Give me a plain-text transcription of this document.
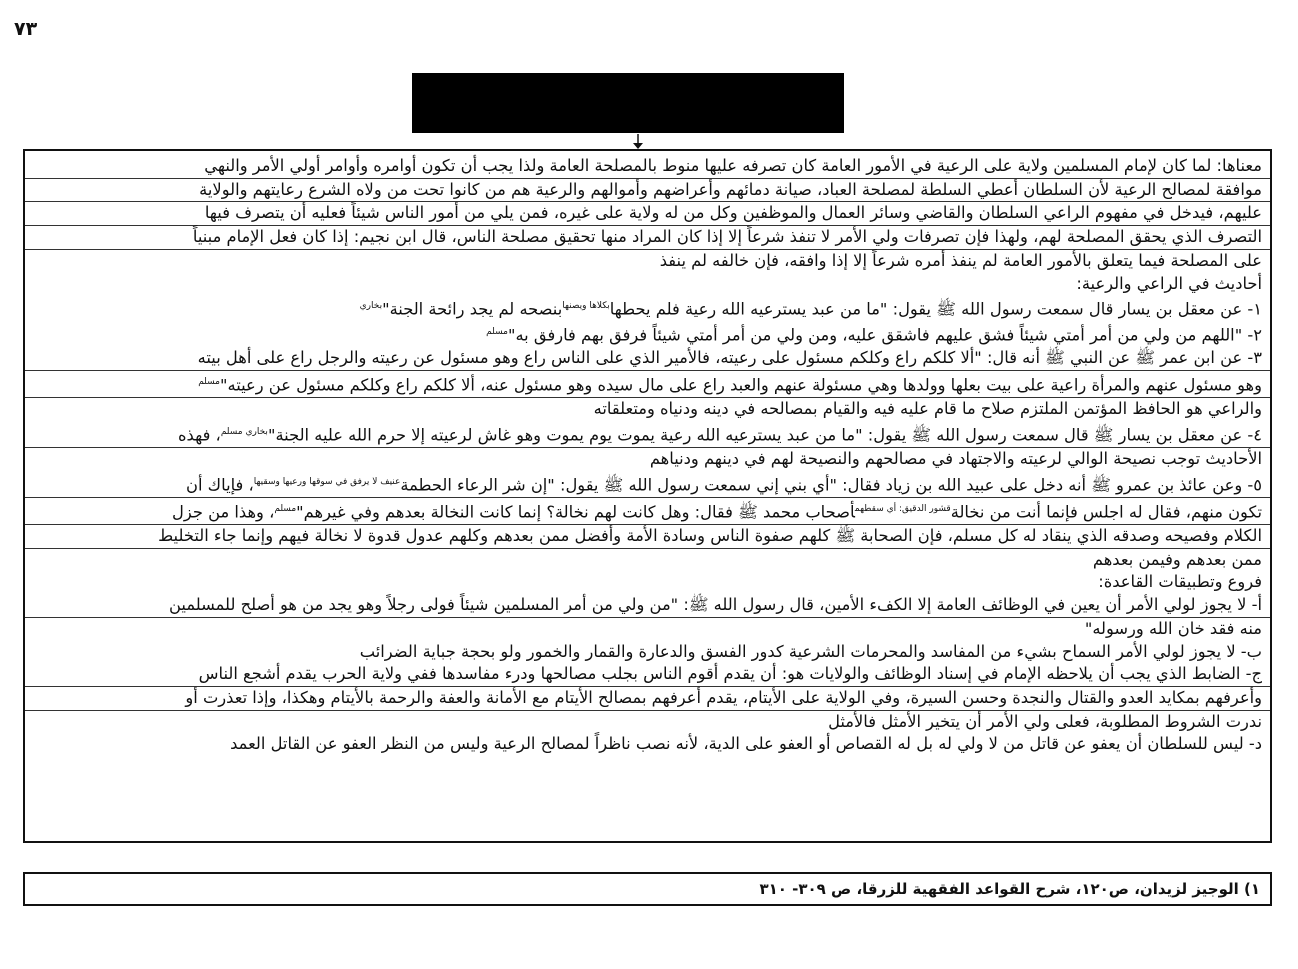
٧٣
معناها: لما كان لإمام المسلمين ولاية على الرعية في الأمور العامة كان تصرفه عليها منوط بالمصلحة العامة ولذا يجب أن تكون أوامره وأوامر أولي الأمر والنهي
موافقة لمصالح الرعية لأن السلطان أعطي السلطة لمصلحة العباد، صيانة دمائهم وأعراضهم وأموالهم والرعية هم من كانوا تحت من ولاه الشرع رعايتهم والولاية
عليهم، فيدخل في مفهوم الراعي السلطان والقاضي وسائر العمال والموظفين وكل من له ولاية على غيره، فمن يلي من أمور الناس شيئاً فعليه أن يتصرف فيها
التصرف الذي يحقق المصلحة لهم، ولهذا فإن تصرفات ولي الأمر لا تنفذ شرعاً إلا إذا كان المراد منها تحقيق مصلحة الناس، قال ابن نجيم: إذا كان فعل الإمام مبنياً
على المصلحة فيما يتعلق بالأمور العامة لم ينفذ أمره شرعاً إلا إذا وافقه، فإن خالفه لم ينفذ
أحاديث في الراعي والرعية:
١- عن معقل بن يسار قال سمعت رسول الله ﷺ يقول: "ما من عبد يسترعيه الله رعية فلم يحطها$^{بكلاها ويصنها}$بنصحه لم يجد رائحة الجنة"$^{بخاري}$
٢- "اللهم من ولي من أمر أمتي شيئاً فشق عليهم فاشقق عليه، ومن ولي من أمر أمتي شيئاً فرفق بهم فارفق به"$^{مسلم}$
٣- عن ابن عمر ﷺ عن النبي ﷺ أنه قال: "ألا كلكم راع وكلكم مسئول على رعيته، فالأمير الذي على الناس راع وهو مسئول عن رعيته والرجل راع على أهل بيته
وهو مسئول عنهم والمرأة راعية على بيت بعلها وولدها وهي مسئولة عنهم والعبد راع على مال سيده وهو مسئول عنه، ألا كلكم راع وكلكم مسئول عن رعيته"$^{مسلم}$
والراعي هو الحافظ المؤتمن الملتزم صلاح ما قام عليه فيه والقيام بمصالحه في دينه ودنياه ومتعلقاته
٤- عن معقل بن يسار ﷺ قال سمعت رسول الله ﷺ يقول: "ما من عبد يسترعيه الله رعية يموت يوم يموت وهو غاش لرعيته إلا حرم الله عليه الجنة"$^{بخاري مسلم}$، فهذه
الأحاديث توجب نصيحة الوالي لرعيته والاجتهاد في مصالحهم والنصيحة لهم في دينهم ودنياهم
٥- وعن عائذ بن عمرو ﷺ أنه دخل على عبيد الله بن زياد فقال: "أي بني إني سمعت رسول الله ﷺ يقول: "إن شر الرعاء الحطمة$^{عنيف لا يرفق في سوقها ورعيها وسقيها}$، فإياك أن
تكون منهم، فقال له اجلس فإنما أنت من نخالة$^{قشور الدقيق: أي سقطهم}$أصحاب محمد ﷺ فقال: وهل كانت لهم نخالة؟ إنما كانت النخالة بعدهم وفي غيرهم"$^{مسلم}$، وهذا من جزل
الكلام وفصيحه وصدقه الذي ينقاد له كل مسلم، فإن الصحابة ﷺ كلهم صفوة الناس وسادة الأمة وأفضل ممن بعدهم وكلهم عدول قدوة لا نخالة فيهم وإنما جاء التخليط
ممن بعدهم وفيمن بعدهم
فروع وتطبيقات القاعدة:
أ- لا يجوز لولي الأمر أن يعين في الوظائف العامة إلا الكفء الأمين، قال رسول الله ﷺ: "من ولي من أمر المسلمين شيئاً فولى رجلاً وهو يجد من هو أصلح للمسلمين
منه فقد خان الله ورسوله"
ب- لا يجوز لولي الأمر السماح بشيء من المفاسد والمحرمات الشرعية كدور الفسق والدعارة والقمار والخمور ولو بحجة جباية الضرائب
ج- الضابط الذي يجب أن يلاحظه الإمام في إسناد الوظائف والولايات هو: أن يقدم أقوم الناس بجلب مصالحها ودرء مفاسدها ففي ولاية الحرب يقدم أشجع الناس
وأعرفهم بمكايد العدو والقتال والنجدة وحسن السيرة، وفي الولاية على الأيتام، يقدم أعرفهم بمصالح الأيتام مع الأمانة والعفة والرحمة بالأيتام وهكذا، وإذا تعذرت أو
ندرت الشروط المطلوبة، فعلى ولي الأمر أن يتخير الأمثل فالأمثل
د- ليس للسلطان أن يعفو عن قاتل من لا ولي له بل له القصاص أو العفو على الدية، لأنه نصب ناظراً لمصالح الرعية وليس من النظر العفو عن القاتل العمد
١) الوجيز لزيدان، ص١٢٠، شرح القواعد الفقهية للزرقا، ص ٣٠٩- ٣١٠
